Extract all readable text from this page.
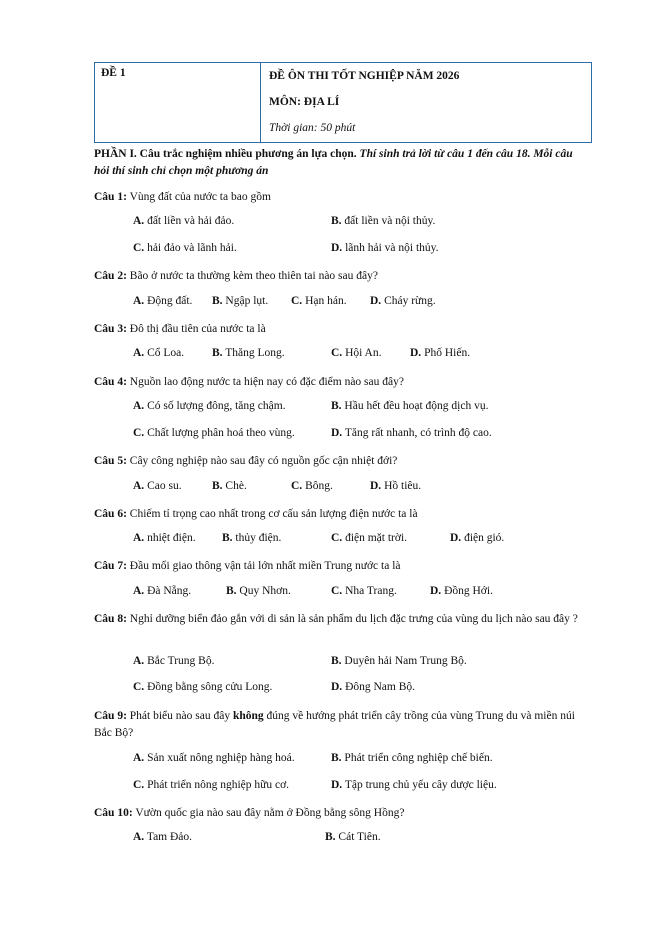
ĐỀ 1	ĐỀ ÔN THI TỐT NGHIỆP NĂM 2026
MÔN: ĐỊA LÍ
Thời gian: 50 phút
PHẦN I. Câu trắc nghiệm nhiều phương án lựa chọn. Thí sinh trả lời từ câu 1 đến câu 18. Mỗi câu hỏi thí sinh chỉ chọn một phương án
Câu 1: Vùng đất của nước ta bao gồm
A. đất liền và hải đảo.	B. đất liền và nội thủy.
C. hải đảo và lãnh hải.	D. lãnh hải và nội thủy.
Câu 2: Bão ở nước ta thường kèm theo thiên tai nào sau đây?
A. Động đất. B. Ngập lụt. C. Hạn hán. D. Cháy rừng.
Câu 3: Đô thị đầu tiên của nước ta là
A. Cổ Loa. B. Thăng Long.	C. Hội An. D. Phố Hiến.
Câu 4: Nguồn lao động nước ta hiện nay có đặc điểm nào sau đây?
A. Có số lượng đông, tăng chậm.	B. Hầu hết đều hoạt động dịch vụ.
C. Chất lượng phân hoá theo vùng.	D. Tăng rất nhanh, có trình độ cao.
Câu 5: Cây công nghiệp nào sau đây có nguồn gốc cận nhiệt đới?
A. Cao su.	B. Chè.	C. Bông.	D. Hồ tiêu.
Câu 6: Chiếm tỉ trọng cao nhất trong cơ cấu sản lượng điện nước ta là
A. nhiệt điện. B. thủy điện.	C. điện mặt trời.	D. điện gió.
Câu 7: Đầu mối giao thông vận tải lớn nhất miền Trung nước ta là
A. Đà Nẵng.	B. Quy Nhơn.	C. Nha Trang.	D. Đồng Hới.
Câu 8: Nghỉ dưỡng biển đảo gắn với di sản là sản phẩm du lịch đặc trưng của vùng du lịch nào sau đây ?
A. Bắc Trung Bộ.	B. Duyên hải Nam Trung Bộ.
C. Đồng bằng sông cửu Long.	D. Đông Nam Bộ.
Câu 9: Phát biểu nào sau đây không đúng về hướng phát triển cây trồng của vùng Trung du và miền núi Bắc Bộ?
A. Sản xuất nông nghiệp hàng hoá.	B. Phát triển công nghiệp chế biến.
C. Phát triển nông nghiệp hữu cơ.	D. Tập trung chủ yếu cây dược liệu.
Câu 10: Vườn quốc gia nào sau đây nằm ở Đồng bằng sông Hồng?
A. Tam Đảo.	B. Cát Tiên.
